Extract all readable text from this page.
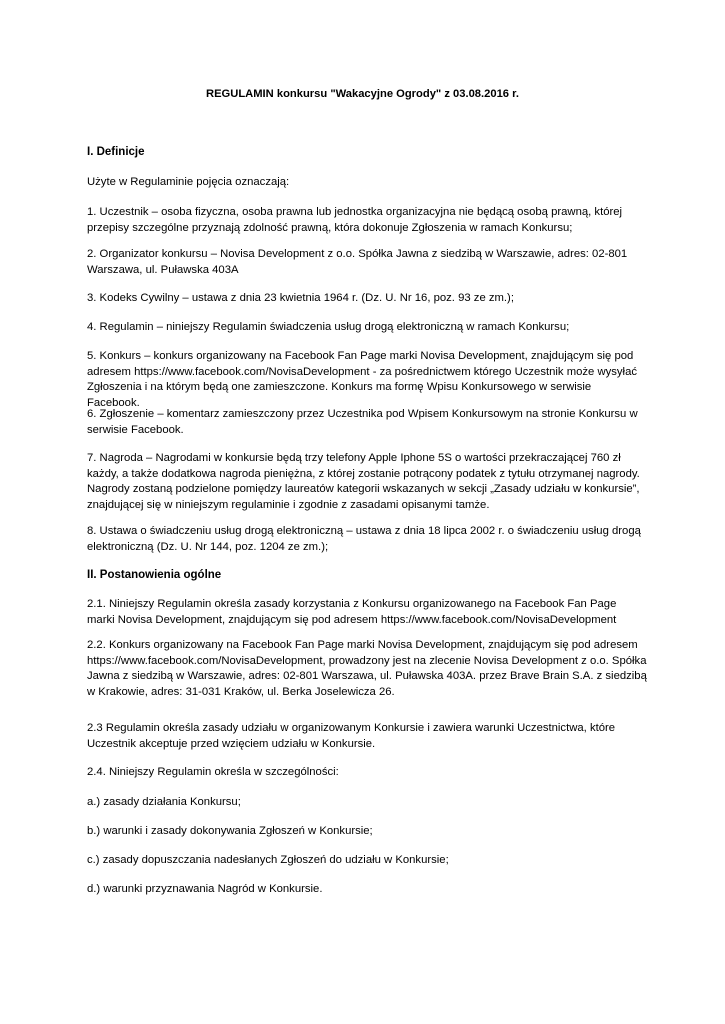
REGULAMIN konkursu "Wakacyjne Ogrody" z 03.08.2016 r.
I. Definicje
Użyte w Regulaminie pojęcia oznaczają:
1. Uczestnik – osoba fizyczna, osoba prawna lub jednostka organizacyjna nie będącą osobą prawną, której przepisy szczególne przyznają zdolność prawną, która dokonuje Zgłoszenia w ramach Konkursu;
2. Organizator konkursu – Novisa Development z o.o. Spółka Jawna z siedzibą w Warszawie, adres: 02-801 Warszawa, ul. Puławska 403A
3. Kodeks Cywilny – ustawa z dnia 23 kwietnia 1964 r. (Dz. U. Nr 16, poz. 93 ze zm.);
4. Regulamin – niniejszy Regulamin świadczenia usług drogą elektroniczną w ramach Konkursu;
5. Konkurs – konkurs organizowany na Facebook Fan Page marki Novisa Development, znajdującym się pod adresem https://www.facebook.com/NovisaDevelopment - za pośrednictwem którego Uczestnik może wysyłać Zgłoszenia i na którym będą one zamieszczone. Konkurs ma formę Wpisu Konkursowego w serwisie Facebook.
6. Zgłoszenie – komentarz zamieszczony przez Uczestnika pod Wpisem Konkursowym na stronie Konkursu w serwisie Facebook.
7. Nagroda – Nagrodami w konkursie będą trzy telefony Apple Iphone 5S o wartości przekraczającej 760 zł każdy, a także dodatkowa nagroda pieniężna, z której zostanie potrącony podatek z tytułu otrzymanej nagrody. Nagrody zostaną podzielone pomiędzy laureatów kategorii wskazanych w sekcji „Zasady udziału w konkursie”, znajdującej się w niniejszym regulaminie i zgodnie z zasadami opisanymi tamże.
8. Ustawa o świadczeniu usług drogą elektroniczną – ustawa z dnia 18 lipca 2002 r. o świadczeniu usług drogą elektroniczną (Dz. U. Nr 144, poz. 1204 ze zm.);
II. Postanowienia ogólne
2.1. Niniejszy Regulamin określa zasady korzystania z Konkursu organizowanego na Facebook Fan Page marki Novisa Development, znajdującym się pod adresem https://www.facebook.com/NovisaDevelopment
2.2. Konkurs organizowany na Facebook Fan Page marki Novisa Development, znajdującym się pod adresem https://www.facebook.com/NovisaDevelopment, prowadzony jest na zlecenie Novisa Development z o.o. Spółka Jawna z siedzibą w Warszawie, adres: 02-801 Warszawa, ul. Puławska 403A. przez Brave Brain S.A. z siedzibą w Krakowie, adres: 31-031 Kraków, ul. Berka Joselewicza 26.
2.3 Regulamin określa zasady udziału w organizowanym Konkursie i zawiera warunki Uczestnictwa, które Uczestnik akceptuje przed wzięciem udziału w Konkursie.
2.4. Niniejszy Regulamin określa w szczególności:
a.) zasady działania Konkursu;
b.) warunki i zasady dokonywania Zgłoszeń w Konkursie;
c.) zasady dopuszczania nadesłanych Zgłoszeń do udziału w Konkursie;
d.) warunki przyznawania Nagród w Konkursie.
